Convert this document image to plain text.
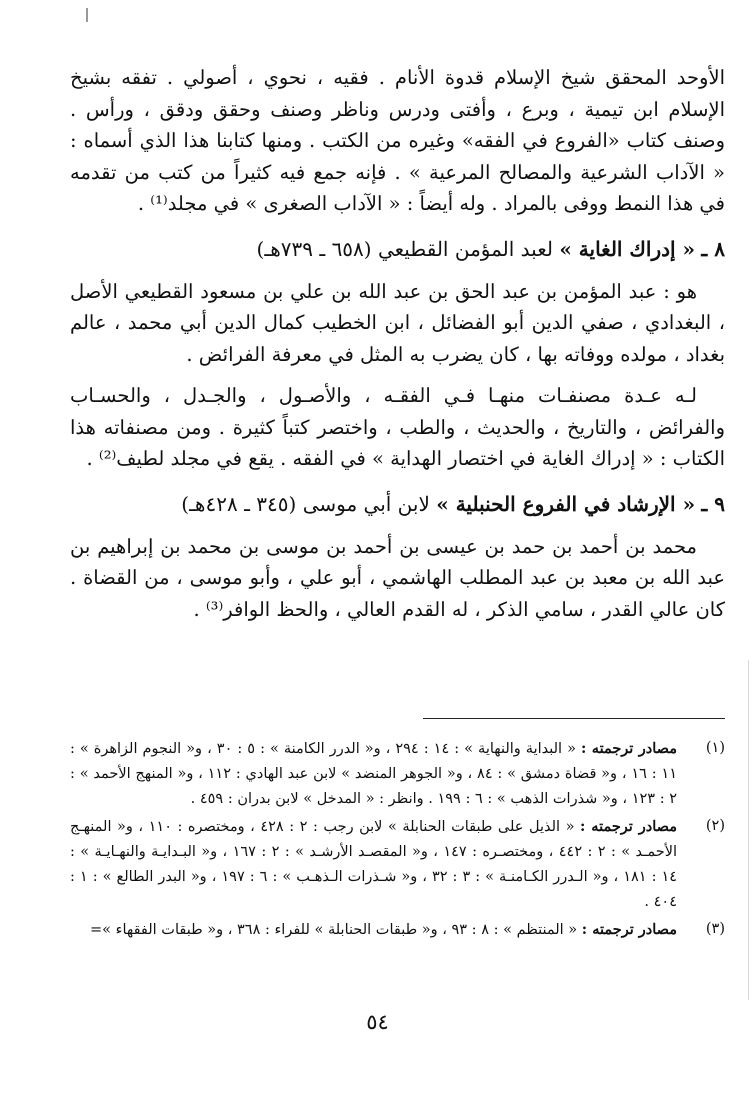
الأوحد المحقق شيخ الإسلام قدوة الأنام . فقيه ، نحوي ، أصولي . تفقه بشيخ الإسلام ابن تيمية ، وبرع ، وأفتى ودرس وناظر وصنف وحقق ودقق ، ورأس . وصنف كتاب «الفروع في الفقه» وغيره من الكتب . ومنها كتابنا هذا الذي أسماه : « الآداب الشرعية والمصالح المرعية » . فإنه جمع فيه كثيراً من كتب من تقدمه في هذا النمط ووفى بالمراد . وله أيضاً : « الآداب الصغرى » في مجلد⁽¹⁾ .

٨ ـ « إدراك الغاية » لعبد المؤمن القطيعي (٦٥٨ ـ ٧٣٩هـ)

هو : عبد المؤمن بن عبد الحق بن عبد الله بن علي بن مسعود القطيعي الأصل ، البغدادي ، صفي الدين أبو الفضائل ، ابن الخطيب كمال الدين أبي محمد ، عالم بغداد ، مولده ووفاته بها ، كان يضرب به المثل في معرفة الفرائض .

لـه عـدة مصنفـات منهـا فـي الفقـه ، والأصـول ، والجـدل ، والحسـاب والفرائض ، والتاريخ ، والحديث ، والطب ، واختصر كتباً كثيرة . ومن مصنفاته هذا الكتاب : « إدراك الغاية في اختصار الهداية » في الفقه . يقع في مجلد لطيف⁽²⁾ .

٩ ـ « الإرشاد في الفروع الحنبلية » لابن أبي موسى (٣٤٥ ـ ٤٢٨هـ)

محمد بن أحمد بن حمد بن عيسى بن أحمد بن موسى بن محمد بن إبراهيم بن عبد الله بن معبد بن عبد المطلب الهاشمي ، أبو علي ، وأبو موسى ، من القضاة . كان عالي القدر ، سامي الذكر ، له القدم العالي ، والحظ الوافر⁽³⁾ .

(١)
مصادر ترجمته : « البداية والنهاية » : ١٤ : ٢٩٤ ، و« الدرر الكامنة » : ٥ : ٣٠ ، و« النجوم الزاهرة » : ١١ : ١٦ ، و« قضاة دمشق » : ٨٤ ، و« الجوهر المنضد » لابن عبد الهادي : ١١٢ ، و« المنهج الأحمد » : ٢ : ١٢٣ ، و« شذرات الذهب » : ٦ : ١٩٩ . وانظر : « المدخل » لابن بدران : ٤٥٩ .
(٢)
مصادر ترجمته : « الذيل على طبقات الحنابلة » لابن رجب : ٢ : ٤٢٨ ، ومختصره : ١١٠ ، و« المنهـج الأحمـد » : ٢ : ٤٤٢ ، ومختصـره : ١٤٧ ، و« المقصـد الأرشـد » : ٢ : ١٦٧ ، و« البـدايـة والنهـايـة » : ١٤ : ١٨١ ، و« الـدرر الكـامنـة » : ٣ : ٣٢ ، و« شـذرات الـذهـب » : ٦ : ١٩٧ ، و« البدر الطالع » : ١ : ٤٠٤ .
(٣)
مصادر ترجمته : « المنتظم » : ٨ : ٩٣ ، و« طبقات الحنابلة » للفراء : ٣٦٨ ، و« طبقات الفقهاء »=
٥٤
